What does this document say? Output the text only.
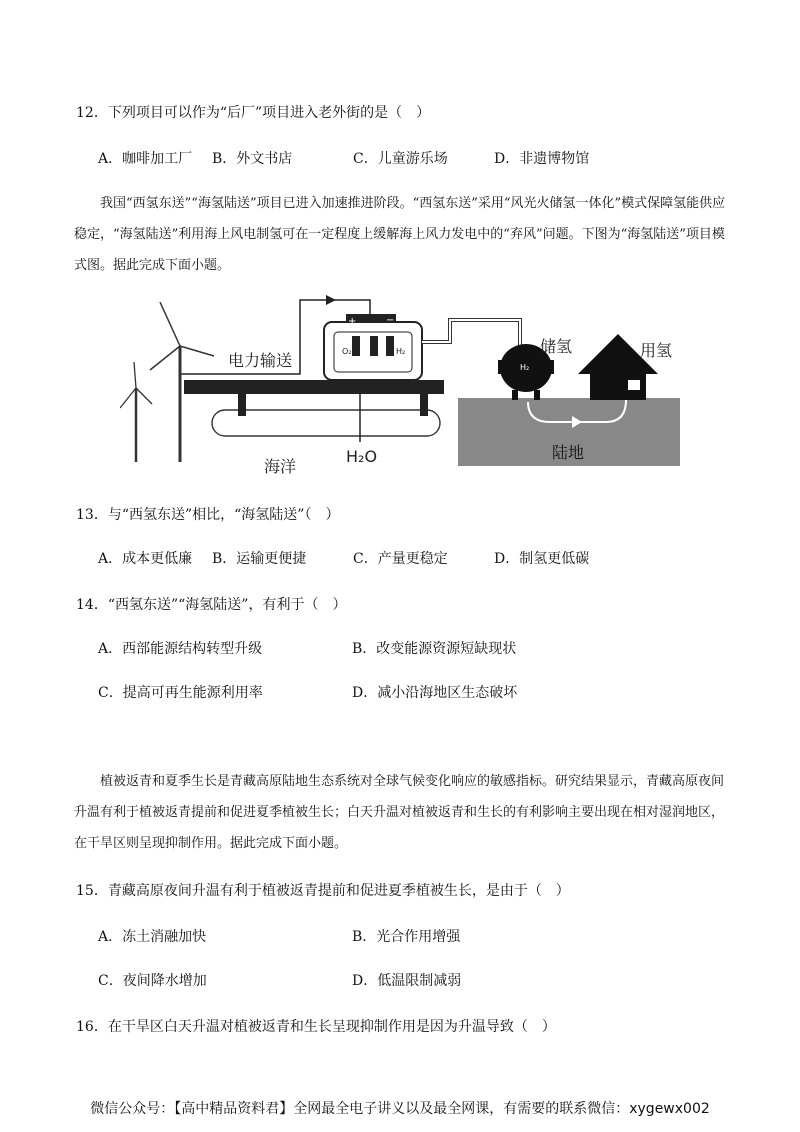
12．下列项目可以作为“后厂”项目进入老外街的是（　）
A．咖啡加工厂 B．外文书店	C．儿童游乐场	D．非遗博物馆
我国“西氢东送”“海氢陆送”项目已进入加速推进阶段。“西氢东送”采用“风光火储氢一体化”模式保障氢能供应稳定，“海氢陆送”利用海上风电制氢可在一定程度上缓解海上风力发电中的“弃风”问题。下图为“海氢陆送”项目模式图。据此完成下面小题。
+	−
O₂	H₂
电力输送	H₂
储氢	用氢
陆地
H₂O
海洋
13．与“西氢东送”相比，“海氢陆送”（　）
A．成本更低廉 B．运输更便捷	C．产量更稳定	D．制氢更低碳
14．“西氢东送”“海氢陆送”，有利于（　）
A．西部能源结构转型升级	B．改变能源资源短缺现状
C．提高可再生能源利用率	D．减小沿海地区生态破坏
植被返青和夏季生长是青藏高原陆地生态系统对全球气候变化响应的敏感指标。研究结果显示，青藏高原夜间升温有利于植被返青提前和促进夏季植被生长；白天升温对植被返青和生长的有利影响主要出现在相对湿润地区，在干旱区则呈现抑制作用。据此完成下面小题。
15．青藏高原夜间升温有利于植被返青提前和促进夏季植被生长，是由于（　）
A．冻土消融加快	B．光合作用增强
C．夜间降水增加	D．低温限制减弱
16．在干旱区白天升温对植被返青和生长呈现抑制作用是因为升温导致（　）
微信公众号：【高中精品资料君】全网最全电子讲义以及最全网课，有需要的联系微信：xygewx002
